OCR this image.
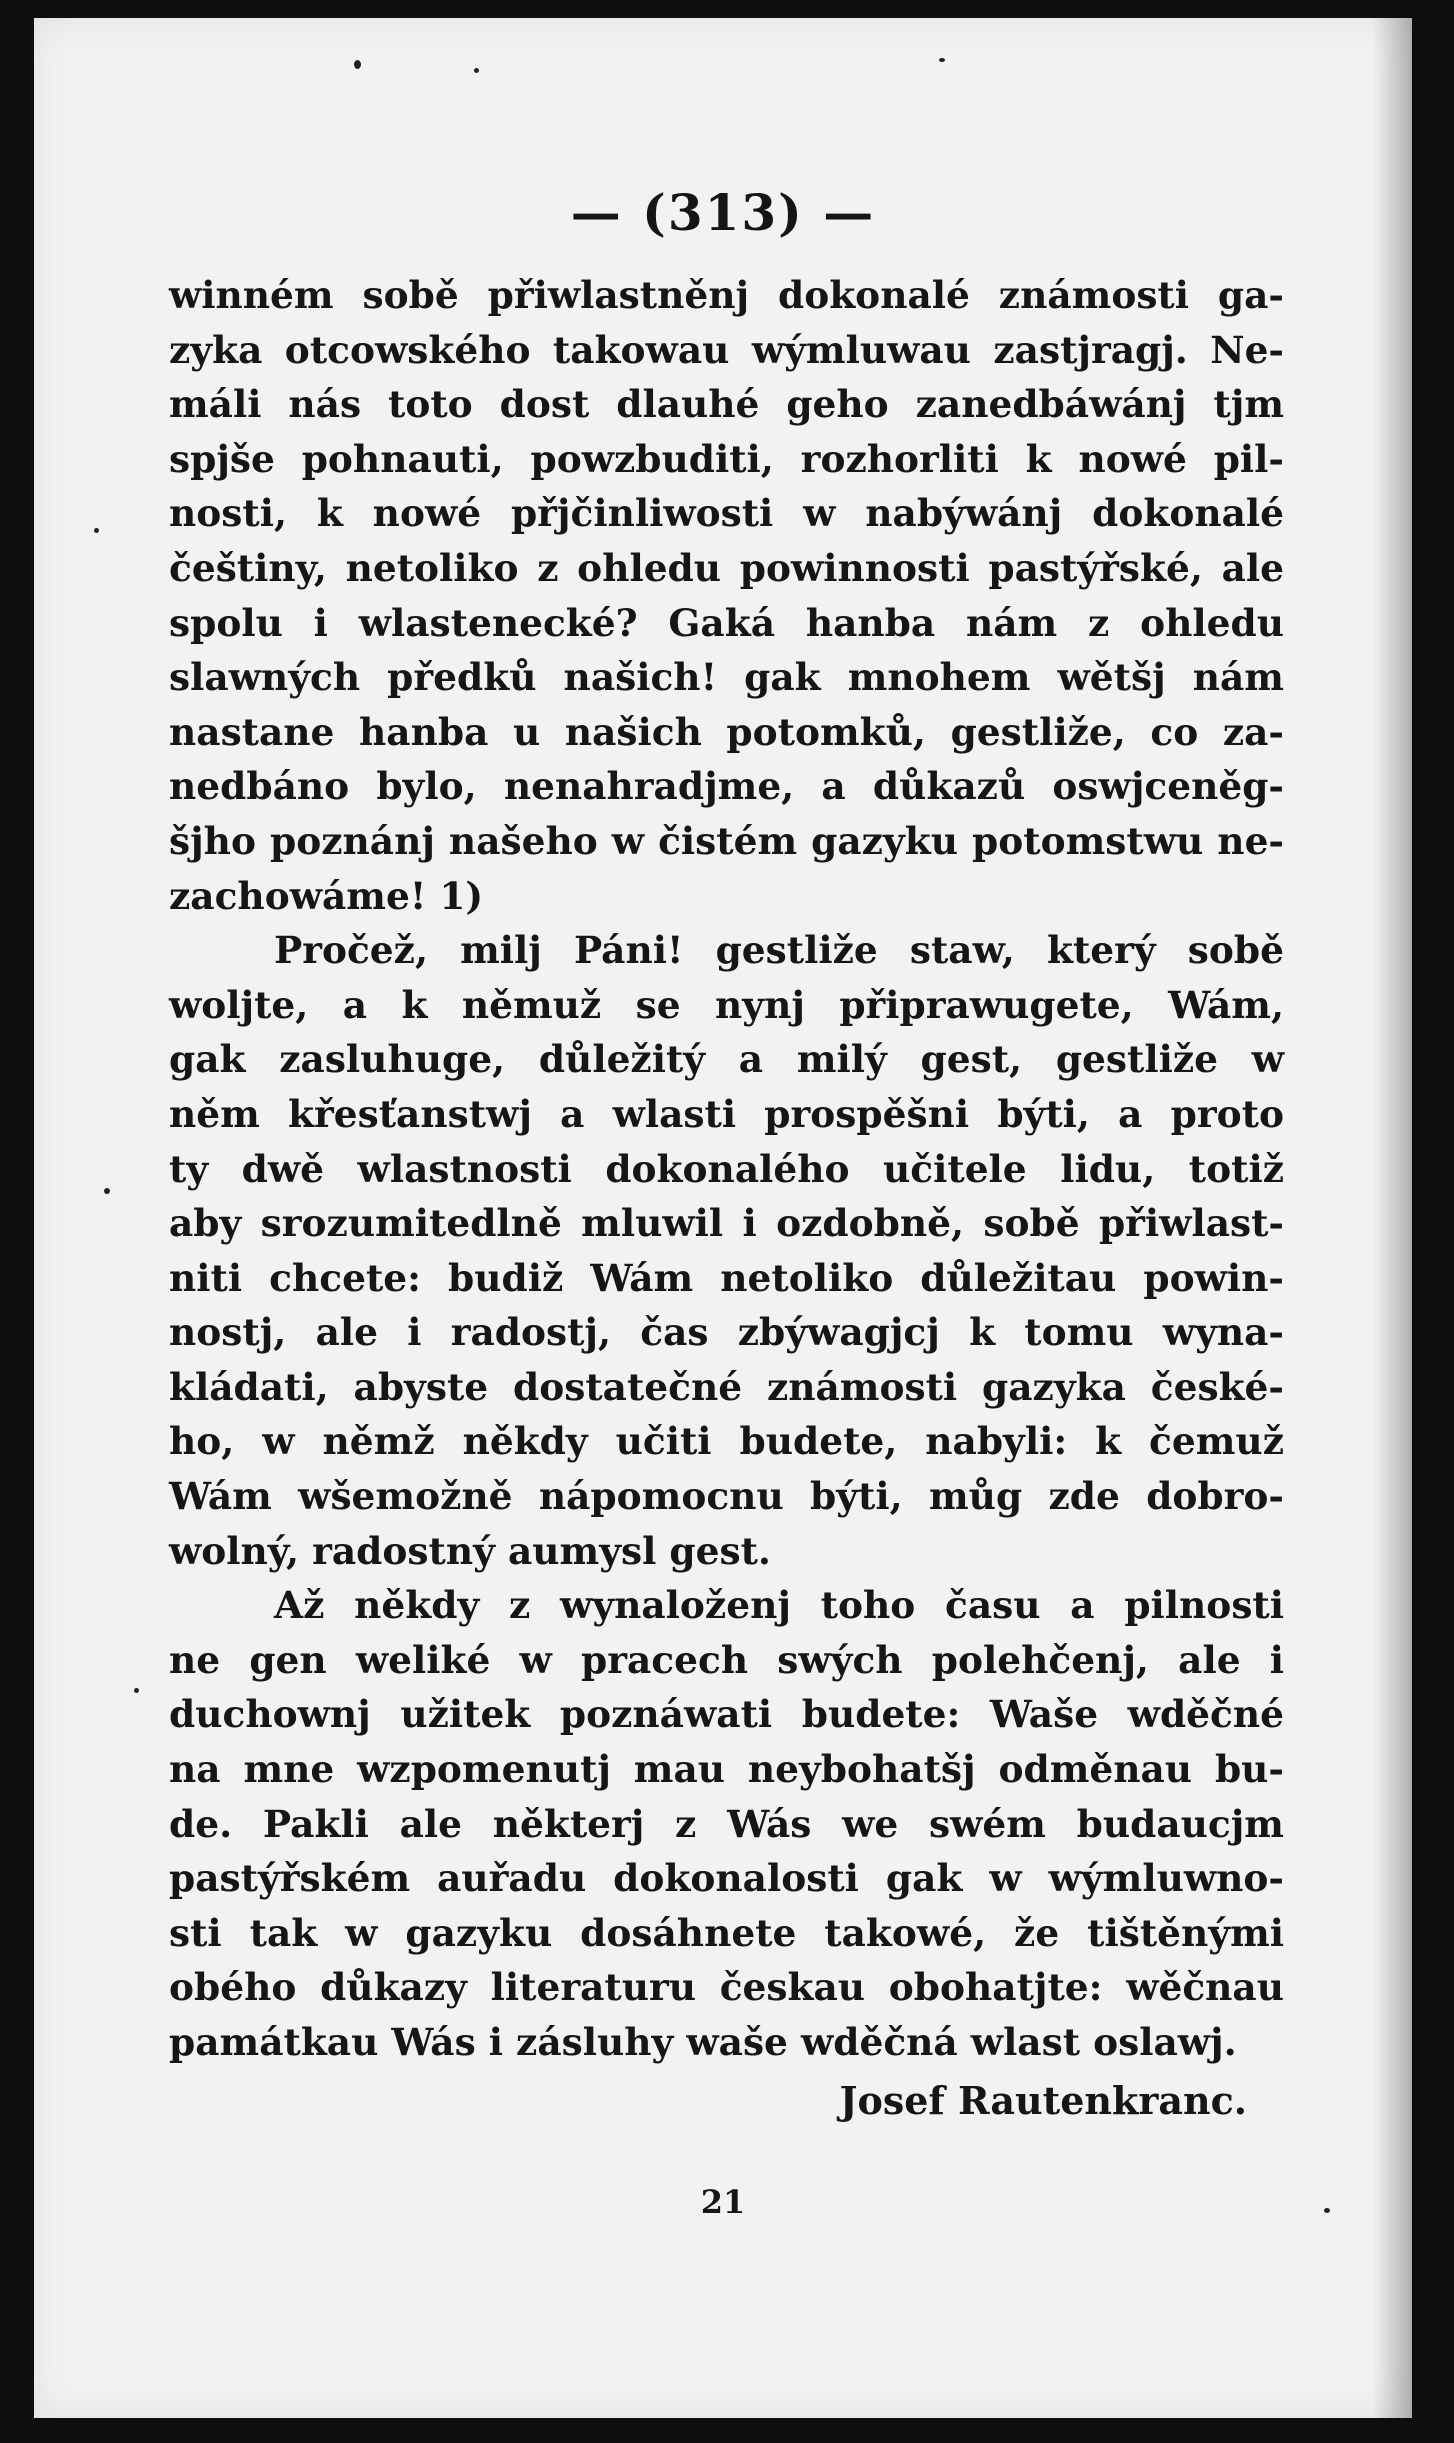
— (313) —
winném sobě přiwlastněnj dokonalé známosti ga-
zyka otcowského takowau wýmluwau zastjragj. Ne-
máli nás toto dost dlauhé geho zanedbáwánj tjm
spjše pohnauti, powzbuditi, rozhorliti k nowé pil-
nosti, k nowé přjčinliwosti w nabýwánj dokonalé
češtiny, netoliko z ohledu powinnosti pastýřské, ale
spolu i wlastenecké? Gaká hanba nám z ohledu
slawných předků našich! gak mnohem wětšj nám
nastane hanba u našich potomků, gestliže, co za-
nedbáno bylo, nenahradjme, a důkazů oswjceněg-
šjho poznánj našeho w čistém gazyku potomstwu ne-
zachowáme! 1)
Pročež, milj Páni! gestliže staw, který sobě
woljte, a k němuž se nynj připrawugete, Wám,
gak zasluhuge, důležitý a milý gest, gestliže w
něm křesťanstwj a wlasti prospěšni býti, a proto
ty dwě wlastnosti dokonalého učitele lidu, totiž
aby srozumitedlně mluwil i ozdobně, sobě přiwlast-
niti chcete: budiž Wám netoliko důležitau powin-
nostj, ale i radostj, čas zbýwagjcj k tomu wyna-
kládati, abyste dostatečné známosti gazyka české-
ho, w němž někdy učiti budete, nabyli: k čemuž
Wám wšemožně nápomocnu býti, můg zde dobro-
wolný, radostný aumysl gest.
Až někdy z wynaloženj toho času a pilnosti
ne gen weliké w pracech swých polehčenj, ale i
duchownj užitek poznáwati budete: Waše wděčné
na mne wzpomenutj mau neybohatšj odměnau bu-
de. Pakli ale některj z Wás we swém budaucjm
pastýřském auřadu dokonalosti gak w wýmluwno-
sti tak w gazyku dosáhnete takowé, že tištěnými
obého důkazy literaturu českau obohatjte: wěčnau
památkau Wás i zásluhy waše wděčná wlast oslawj.
Josef Rautenkranc.
21
